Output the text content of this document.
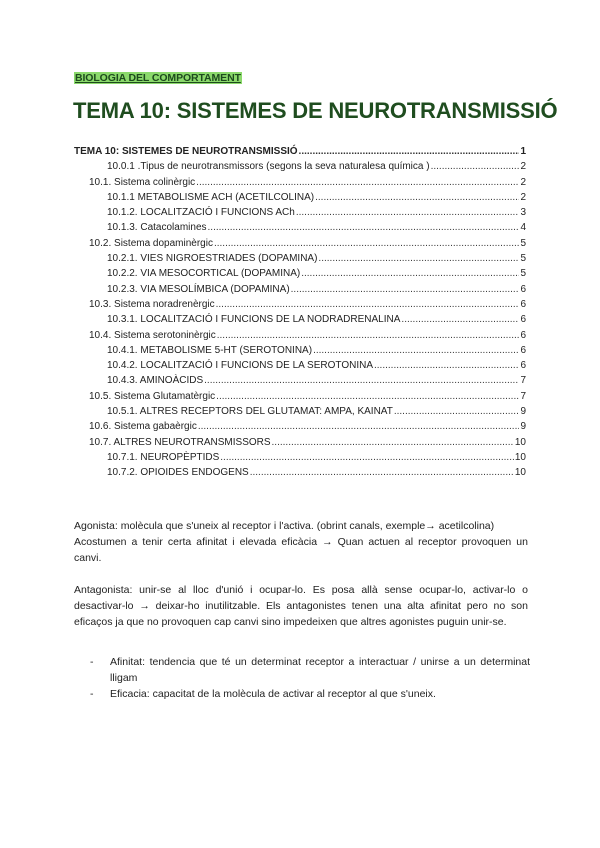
BIOLOGIA DEL COMPORTAMENT
TEMA 10: SISTEMES DE NEUROTRANSMISSIÓ
TEMA 10: SISTEMES DE NEUROTRANSMISSIÓ .....	1
10.0.1 .Tipus de neurotransmissors (segons la seva naturalesa química ) .....	2
10.1. Sistema colinèrgic .....	2
10.1.1 METABOLISME ACH (ACETILCOLINA) .....	2
10.1.2. LOCALITZACIÓ I FUNCIONS ACh .....	3
10.1.3. Catacolamines .....	4
10.2. Sistema dopaminèrgic .....	5
10.2.1. VIES NIGROESTRIADES (DOPAMINA) .....	5
10.2.2. VIA MESOCORTICAL (DOPAMINA) .....	5
10.2.3. VIA MESOLÍMBICA (DOPAMINA) .....	6
10.3. Sistema noradrenèrgic .....	6
10.3.1. LOCALITZACIÓ I FUNCIONS DE LA NODRADRENALINA .....	6
10.4. Sistema serotoninèrgic .....	6
10.4.1. METABOLISME 5-HT (SEROTONINA) .....	6
10.4.2. LOCALITZACIÓ I FUNCIONS DE LA SEROTONINA .....	6
10.4.3. AMINOÀCIDS .....	7
10.5. Sistema Glutamatèrgic .....	7
10.5.1. ALTRES RECEPTORS DEL GLUTAMAT: AMPA, KAINAT .....	9
10.6. Sistema gabaèrgic .....	9
10.7. ALTRES NEUROTRANSMISSORS .....	10
10.7.1. NEUROPÈPTIDS .....	10
10.7.2. OPIOIDES ENDOGENS .....	10

Agonista: molècula que s'uneix al receptor i l'activa. (obrint canals, exemple→ acetilcolina)
Acostumen a tenir certa afinitat i elevada eficàcia → Quan actuen al receptor provoquen un canvi.

Antagonista: unir-se al lloc d'unió i ocupar-lo. Es posa allà sense ocupar-lo, activar-lo o desactivar-lo → deixar-ho inutilitzable. Els antagonistes tenen una alta afinitat pero no son eficaços ja que no provoquen cap canvi sino impedeixen que altres agonistes puguin unir-se.

- Afinitat: tendencia que té un determinat receptor a interactuar / unirse a un determinat lligam
- Eficacia: capacitat de la molècula de activar al receptor al que s'uneix.
